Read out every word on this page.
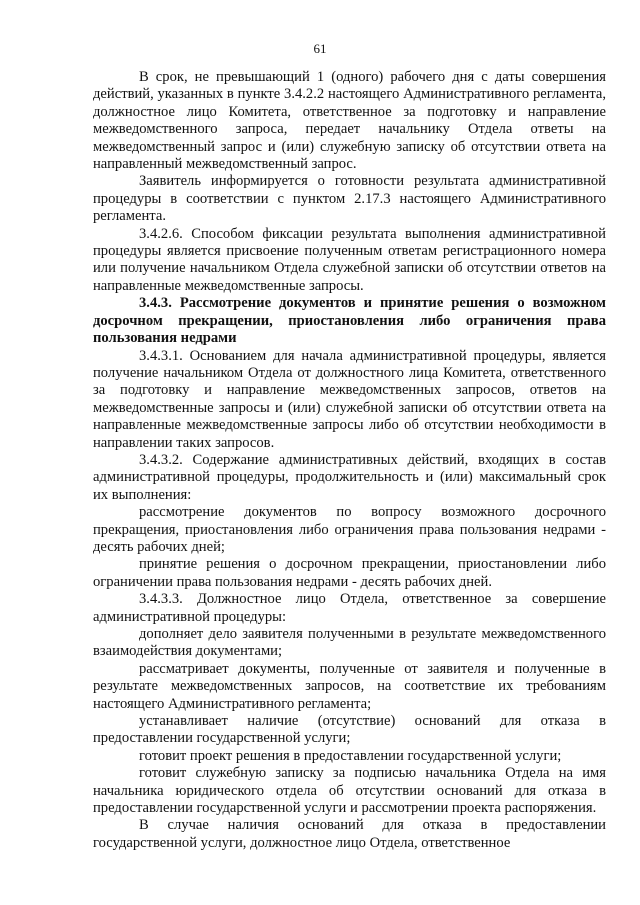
61

В срок, не превышающий 1 (одного) рабочего дня с даты совершения действий, указанных в пункте 3.4.2.2 настоящего Административного регламента, должностное лицо Комитета, ответственное за подготовку и направление межведомственного запроса, передает начальнику Отдела ответы на межведомственный запрос и (или) служебную записку об отсутствии ответа на направленный межведомственный запрос.

Заявитель информируется о готовности результата административной процедуры в соответствии с пунктом 2.17.3 настоящего Административного регламента.

3.4.2.6. Способом фиксации результата выполнения административной процедуры является присвоение полученным ответам регистрационного номера или получение начальником Отдела служебной записки об отсутствии ответов на направленные межведомственные запросы.

3.4.3. Рассмотрение документов и принятие решения о возможном досрочном прекращении, приостановления либо ограничения права пользования недрами

3.4.3.1. Основанием для начала административной процедуры, является получение начальником Отдела от должностного лица Комитета, ответственного за подготовку и направление межведомственных запросов, ответов на межведомственные запросы и (или) служебной записки об отсутствии ответа на направленные межведомственные запросы либо об отсутствии необходимости в направлении таких запросов.

3.4.3.2. Содержание административных действий, входящих в состав административной процедуры, продолжительность и (или) максимальный срок их выполнения:

рассмотрение документов по вопросу возможного досрочного прекращения, приостановления либо ограничения права пользования недрами - десять рабочих дней;

принятие решения о досрочном прекращении, приостановлении либо ограничении права пользования недрами - десять рабочих дней.

3.4.3.3. Должностное лицо Отдела, ответственное за совершение административной процедуры:

дополняет дело заявителя полученными в результате межведомственного взаимодействия документами;

рассматривает документы, полученные от заявителя и полученные в результате межведомственных запросов, на соответствие их требованиям настоящего Административного регламента;

устанавливает наличие (отсутствие) оснований для отказа в предоставлении государственной услуги;

готовит проект решения в предоставлении государственной услуги;

готовит служебную записку за подписью начальника Отдела на имя начальника юридического отдела об отсутствии оснований для отказа в предоставлении государственной услуги и рассмотрении проекта распоряжения.

В случае наличия оснований для отказа в предоставлении государственной услуги, должностное лицо Отдела, ответственное
